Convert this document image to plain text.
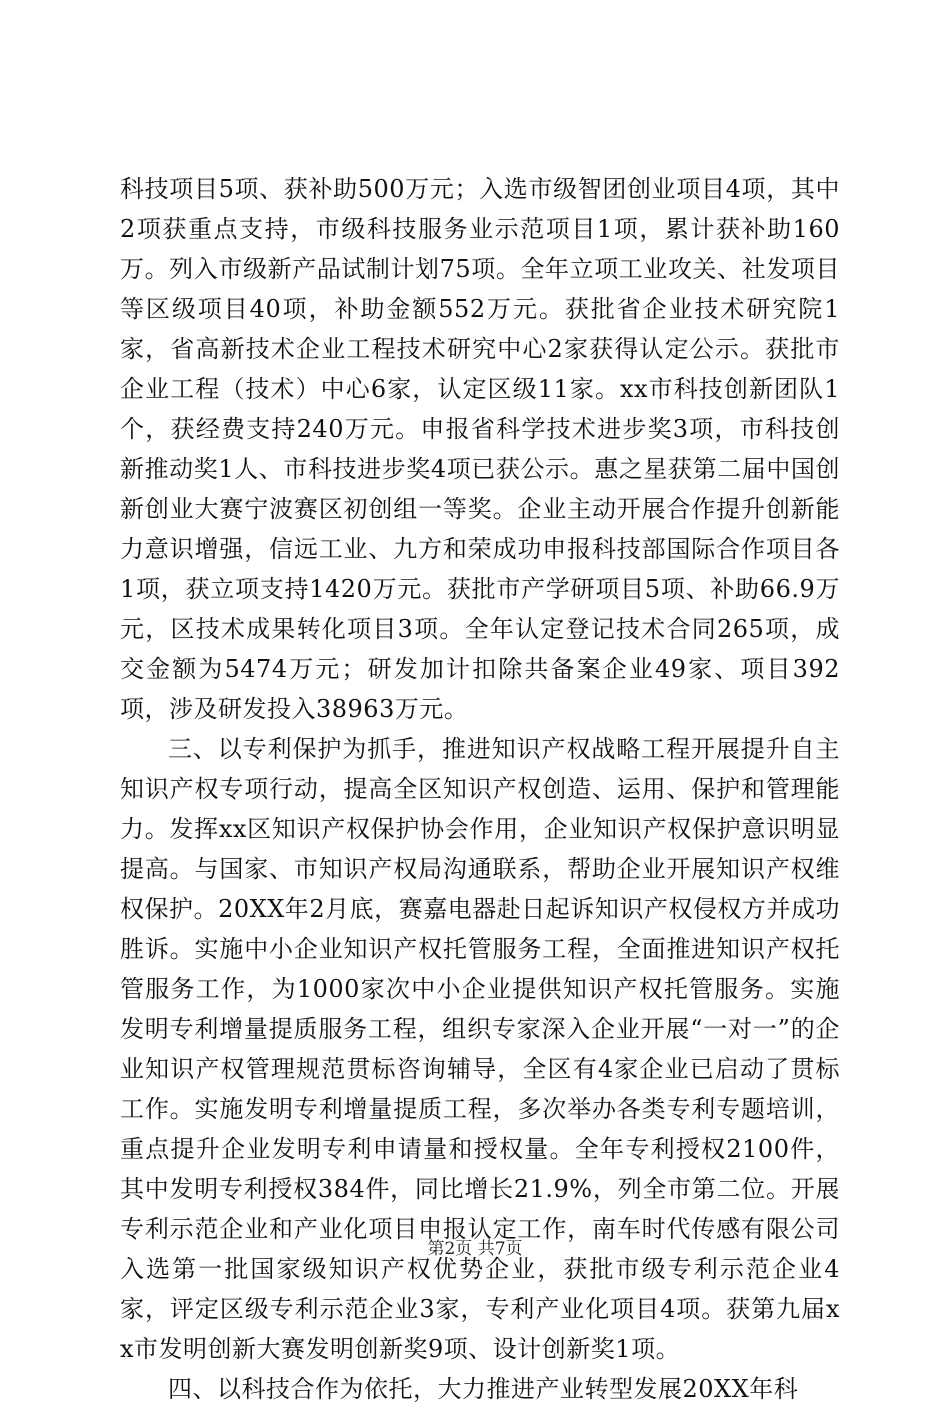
科技项目5项、获补助500万元；入选市级智团创业项目4项，其中2项获重点支持，市级科技服务业示范项目1项，累计获补助160万。列入市级新产品试制计划75项。全年立项工业攻关、社发项目等区级项目40项，补助金额552万元。获批省企业技术研究院1家，省高新技术企业工程技术研究中心2家获得认定公示。获批市企业工程（技术）中心6家，认定区级11家。xx市科技创新团队1个，获经费支持240万元。申报省科学技术进步奖3项，市科技创新推动奖1人、市科技进步奖4项已获公示。惠之星获第二届中国创新创业大赛宁波赛区初创组一等奖。企业主动开展合作提升创新能力意识增强，信远工业、九方和荣成功申报科技部国际合作项目各1项，获立项支持1420万元。获批市产学研项目5项、补助66.9万元，区技术成果转化项目3项。全年认定登记技术合同265项，成交金额为5474万元；研发加计扣除共备案企业49家、项目392项，涉及研发投入38963万元。

三、以专利保护为抓手，推进知识产权战略工程开展提升自主知识产权专项行动，提高全区知识产权创造、运用、保护和管理能力。发挥xx区知识产权保护协会作用，企业知识产权保护意识明显提高。与国家、市知识产权局沟通联系，帮助企业开展知识产权维权保护。20XX年2月底，赛嘉电器赴日起诉知识产权侵权方并成功胜诉。实施中小企业知识产权托管服务工程，全面推进知识产权托管服务工作，为1000家次中小企业提供知识产权托管服务。实施发明专利增量提质服务工程，组织专家深入企业开展“一对一”的企业知识产权管理规范贯标咨询辅导，全区有4家企业已启动了贯标工作。实施发明专利增量提质工程，多次举办各类专利专题培训，重点提升企业发明专利申请量和授权量。全年专利授权2100件，其中发明专利授权384件，同比增长21.9%，列全市第二位。开展专利示范企业和产业化项目申报认定工作，南车时代传感有限公司入选第一批国家级知识产权优势企业，获批市级专利示范企业4家，评定区级专利示范企业3家，专利产业化项目4项。获第九届xx市发明创新大赛发明创新奖9项、设计创新奖1项。

四、以科技合作为依托，大力推进产业转型发展20XX年科

第2页 共7页
